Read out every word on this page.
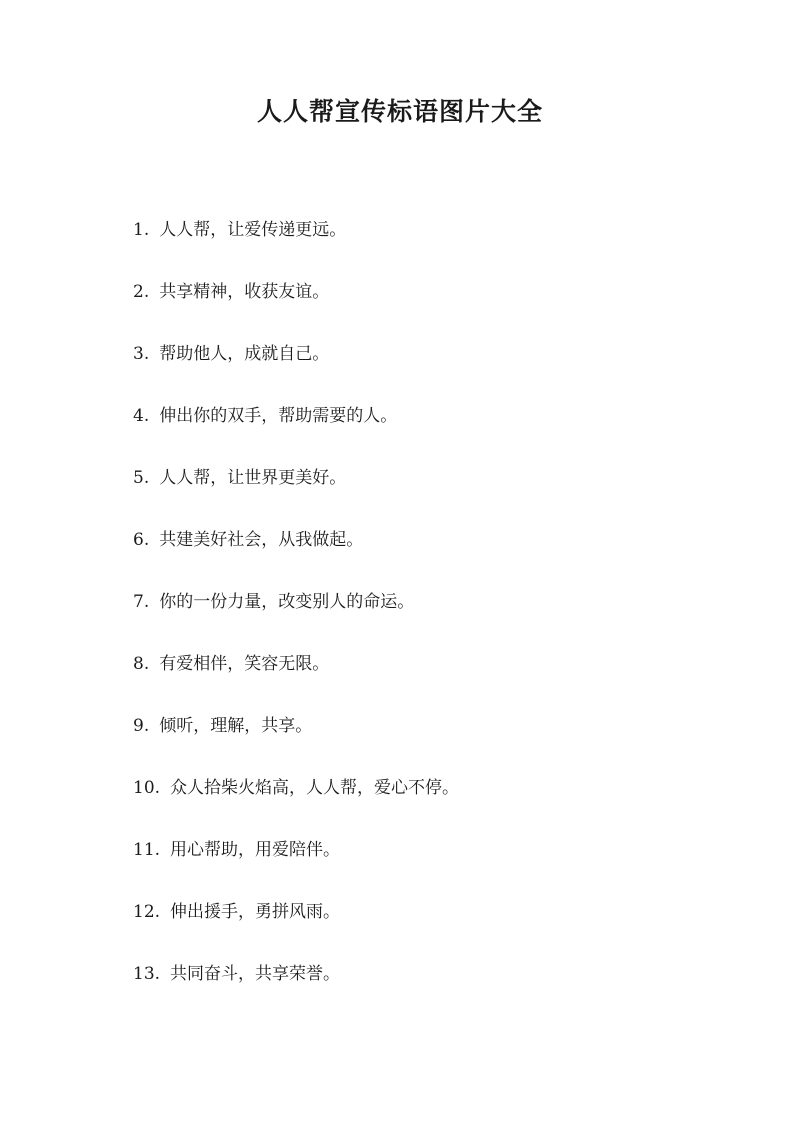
人人帮宣传标语图片大全
1. 人人帮，让爱传递更远。
2. 共享精神，收获友谊。
3. 帮助他人，成就自己。
4. 伸出你的双手，帮助需要的人。
5. 人人帮，让世界更美好。
6. 共建美好社会，从我做起。
7. 你的一份力量，改变别人的命运。
8. 有爱相伴，笑容无限。
9. 倾听，理解，共享。
10. 众人拾柴火焰高，人人帮，爱心不停。
11. 用心帮助，用爱陪伴。
12. 伸出援手，勇拼风雨。
13. 共同奋斗，共享荣誉。
